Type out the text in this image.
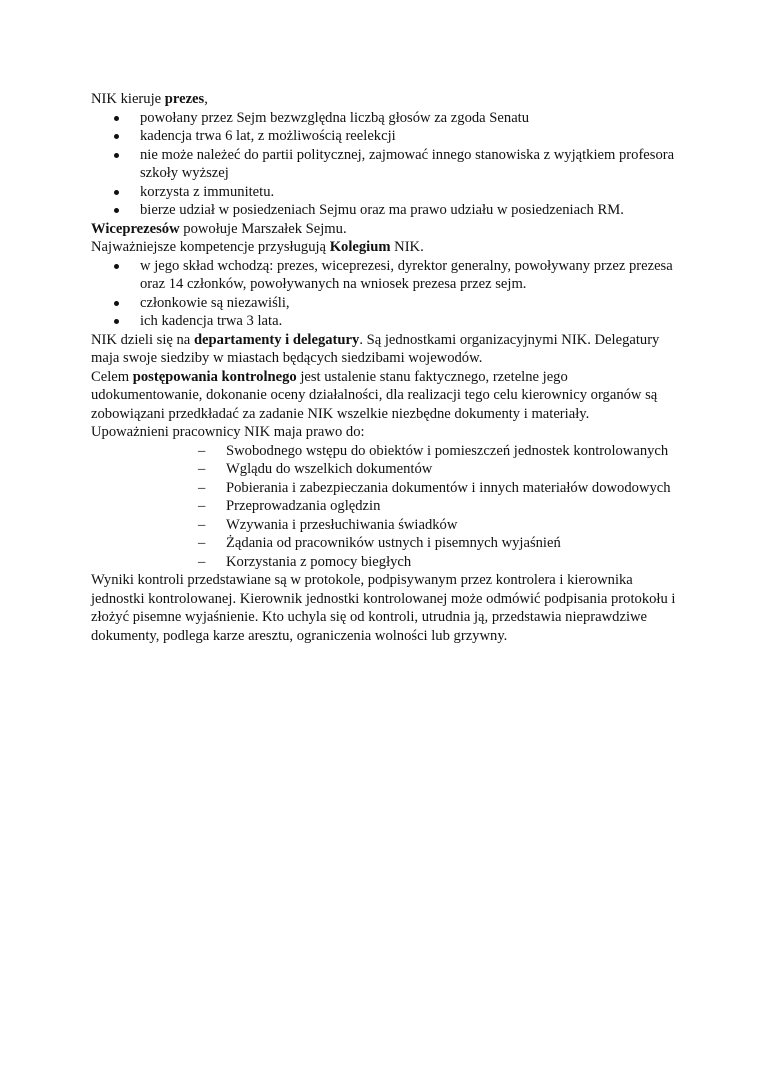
NIK kieruje prezes,

powołany przez Sejm bezwzględna liczbą głosów za zgoda Senatu
kadencja trwa 6 lat, z możliwością reelekcji
nie może należeć do partii politycznej, zajmować innego stanowiska z wyjątkiem profesora szkoły wyższej
korzysta z immunitetu.
bierze udział w posiedzeniach Sejmu oraz ma prawo udziału w posiedzeniach RM.

Wiceprezesów powołuje Marszałek Sejmu.

Najważniejsze kompetencje przysługują Kolegium NIK.

w jego skład wchodzą: prezes, wiceprezesi, dyrektor generalny, powoływany przez prezesa oraz 14 członków, powoływanych na wniosek prezesa przez sejm.
członkowie są niezawiśli,
ich kadencja trwa 3 lata.

NIK dzieli się na departamenty i delegatury. Są jednostkami organizacyjnymi NIK. Delegatury maja swoje siedziby w miastach będących siedzibami wojewodów.

Celem postępowania kontrolnego jest ustalenie stanu faktycznego, rzetelne jego udokumentowanie, dokonanie oceny działalności, dla realizacji tego celu kierownicy organów są zobowiązani przedkładać za zadanie NIK wszelkie niezbędne dokumenty i materiały.

Upoważnieni pracownicy NIK maja prawo do:

– Swobodnego wstępu do obiektów i pomieszczeń jednostek kontrolowanych
– Wglądu do wszelkich dokumentów
– Pobierania i zabezpieczania dokumentów i innych materiałów dowodowych
– Przeprowadzania oględzin
– Wzywania i przesłuchiwania świadków
– Żądania od pracowników ustnych i pisemnych wyjaśnień
– Korzystania z pomocy biegłych

Wyniki kontroli przedstawiane są w protokole, podpisywanym przez kontrolera i kierownika jednostki kontrolowanej. Kierownik jednostki kontrolowanej może odmówić podpisania protokołu i złożyć pisemne wyjaśnienie. Kto uchyla się od kontroli, utrudnia ją, przedstawia nieprawdziwe dokumenty, podlega karze aresztu, ograniczenia wolności lub grzywny.
